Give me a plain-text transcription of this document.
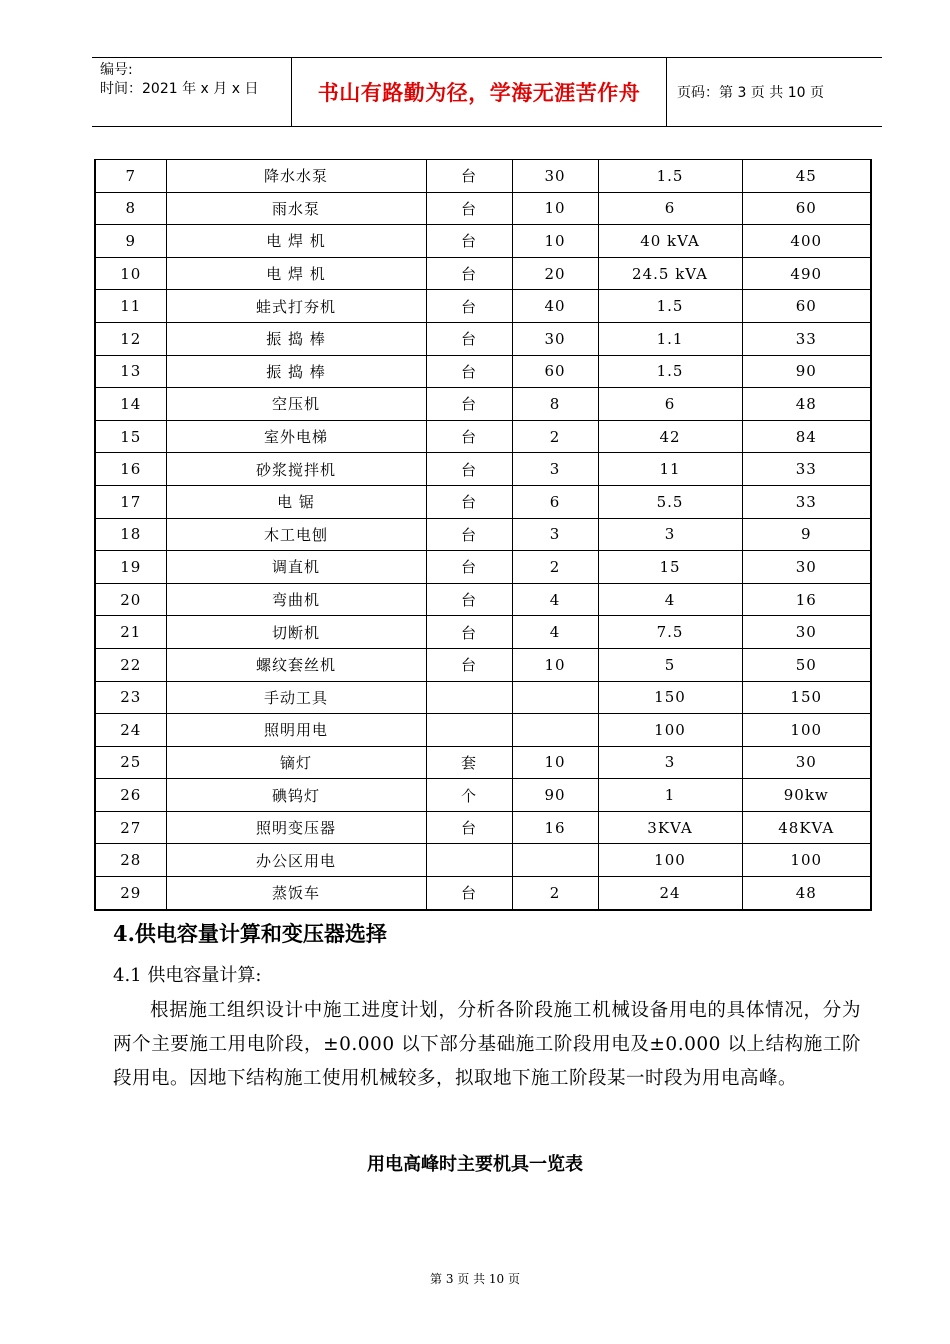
编号:
时间：2021 年 x 月 x 日	书山有路勤为径，学海无涯苦作舟	页码：第 3 页 共 10 页
7	降水水泵	台	30	1.5	45
8	雨水泵	台	10	6	60
9	电 焊 机	台	10	40 kVA	400
10	电 焊 机	台	20	24.5 kVA	490
11	蛙式打夯机	台	40	1.5	60
12	振 捣 棒	台	30	1.1	33
13	振 捣 棒	台	60	1.5	90
14	空压机	台	8	6	48
15	室外电梯	台	2	42	84
16	砂浆搅拌机	台	3	11	33
17	电 锯	台	6	5.5	33
18	木工电刨	台	3	3	9
19	调直机	台	2	15	30
20	弯曲机	台	4	4	16
21	切断机	台	4	7.5	30
22	螺纹套丝机	台	10	5	50
23	手动工具			150	150
24	照明用电			100	100
25	镝灯	套	10	3	30
26	碘钨灯	个	90	1	90kw
27	照明变压器	台	16	3KVA	48KVA
28	办公区用电			100	100
29	蒸饭车	台	2	24	48
4.供电容量计算和变压器选择

4.1 供电容量计算:

根据施工组织设计中施工进度计划，分析各阶段施工机械设备用电的具体情况，分为两个主要施工用电阶段，±0.000 以下部分基础施工阶段用电及±0.000 以上结构施工阶段用电。因地下结构施工使用机械较多，拟取地下施工阶段某一时段为用电高峰。

用电高峰时主要机具一览表

第 3 页 共 10 页
